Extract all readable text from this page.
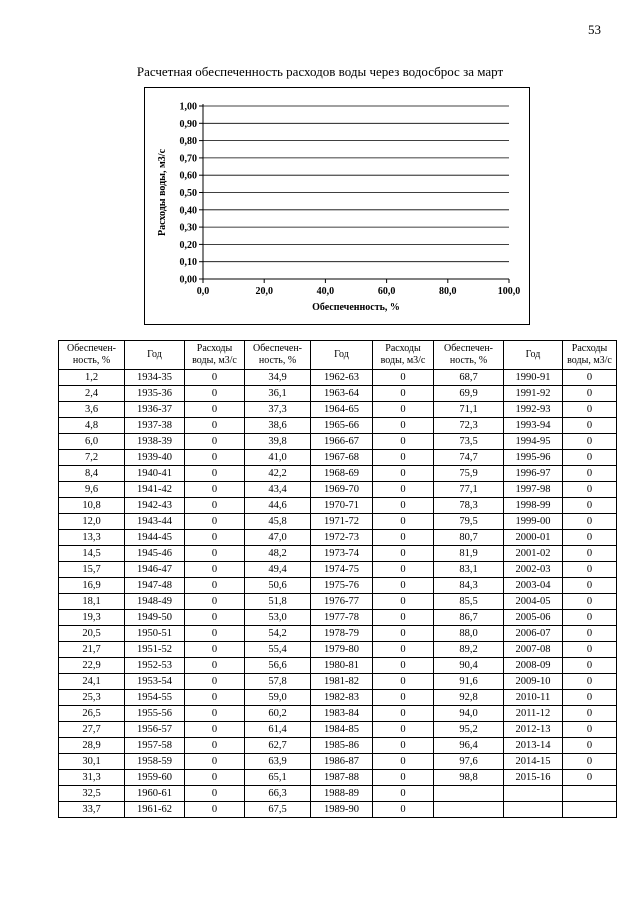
53
Расчетная обеспеченность расходов воды через водосброс за март
0,00
0,10
0,20
0,30
0,40
0,50
0,60
0,70
0,80
0,90
1,00
0,0	20,0	40,0	60,0	80,0	100,0
Обеспеченность, %
Расходы воды, м3/с
Обеспечен-ность, %	Год	Расходы воды, м3/с	Обеспечен-ность, %	Год	Расходы воды, м3/с	Обеспечен-ность, %	Год	Расходы воды, м3/с
1,2	1934-35	0	34,9	1962-63	0	68,7	1990-91	0
2,4	1935-36	0	36,1	1963-64	0	69,9	1991-92	0
3,6	1936-37	0	37,3	1964-65	0	71,1	1992-93	0
4,8	1937-38	0	38,6	1965-66	0	72,3	1993-94	0
6,0	1938-39	0	39,8	1966-67	0	73,5	1994-95	0
7,2	1939-40	0	41,0	1967-68	0	74,7	1995-96	0
8,4	1940-41	0	42,2	1968-69	0	75,9	1996-97	0
9,6	1941-42	0	43,4	1969-70	0	77,1	1997-98	0
10,8	1942-43	0	44,6	1970-71	0	78,3	1998-99	0
12,0	1943-44	0	45,8	1971-72	0	79,5	1999-00	0
13,3	1944-45	0	47,0	1972-73	0	80,7	2000-01	0
14,5	1945-46	0	48,2	1973-74	0	81,9	2001-02	0
15,7	1946-47	0	49,4	1974-75	0	83,1	2002-03	0
16,9	1947-48	0	50,6	1975-76	0	84,3	2003-04	0
18,1	1948-49	0	51,8	1976-77	0	85,5	2004-05	0
19,3	1949-50	0	53,0	1977-78	0	86,7	2005-06	0
20,5	1950-51	0	54,2	1978-79	0	88,0	2006-07	0
21,7	1951-52	0	55,4	1979-80	0	89,2	2007-08	0
22,9	1952-53	0	56,6	1980-81	0	90,4	2008-09	0
24,1	1953-54	0	57,8	1981-82	0	91,6	2009-10	0
25,3	1954-55	0	59,0	1982-83	0	92,8	2010-11	0
26,5	1955-56	0	60,2	1983-84	0	94,0	2011-12	0
27,7	1956-57	0	61,4	1984-85	0	95,2	2012-13	0
28,9	1957-58	0	62,7	1985-86	0	96,4	2013-14	0
30,1	1958-59	0	63,9	1986-87	0	97,6	2014-15	0
31,3	1959-60	0	65,1	1987-88	0	98,8	2015-16	0
32,5	1960-61	0	66,3	1988-89	0			
33,7	1961-62	0	67,5	1989-90	0			
